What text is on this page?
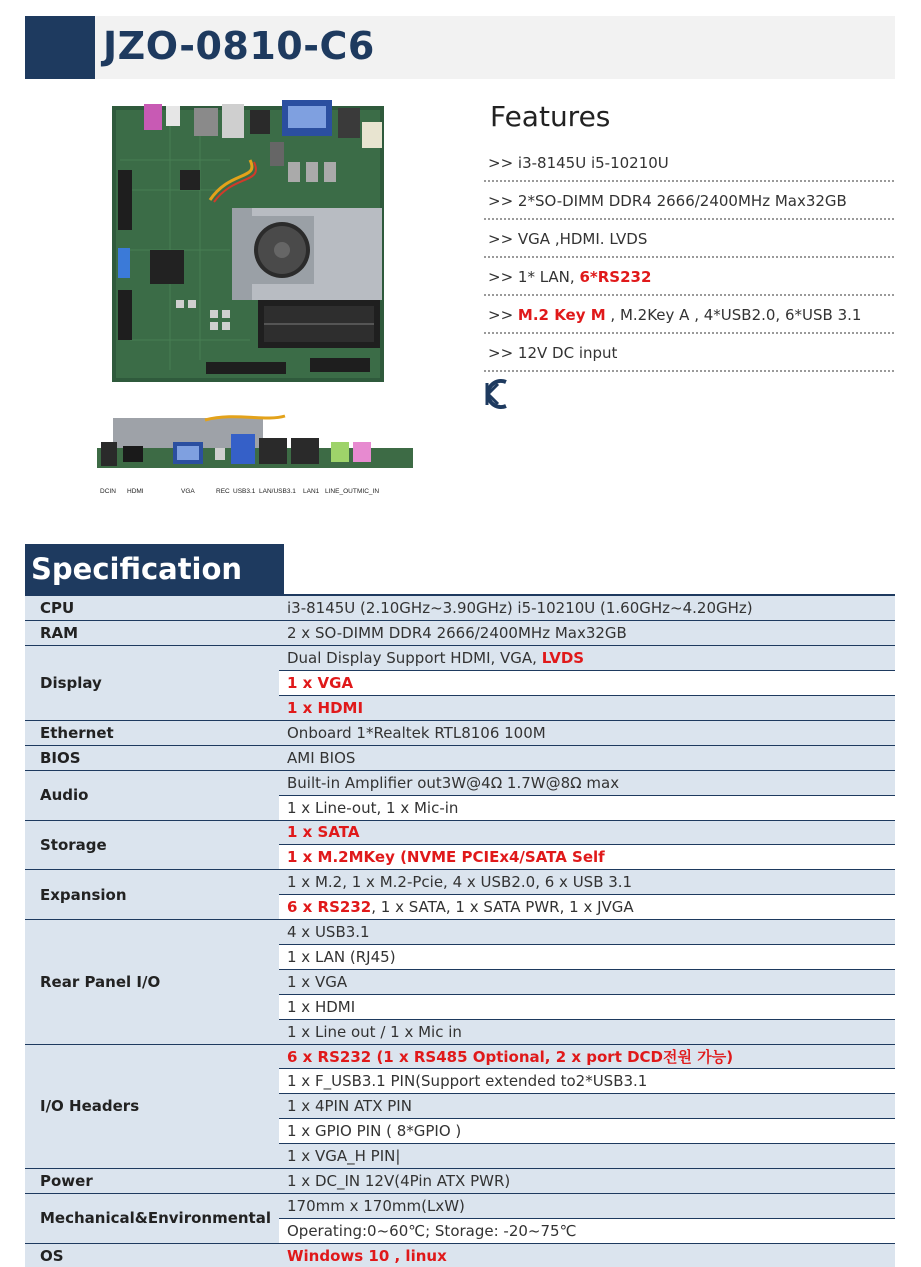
JZO-0810-C6
DCIN HDMI	VGA	REC USB3.1 LAN/USB3.1 LAN1 LINE_OUT MIC_IN
Features
>> i3-8145U i5-10210U
>> 2*SO-DIMM DDR4 2666/2400MHz Max32GB
>> VGA ,HDMI. LVDS
>> 1* LAN, 6*RS232
>> M.2 Key M , M.2Key A , 4*USB2.0, 6*USB 3.1
>> 12V DC input
Specification
CPU	i3-8145U (2.10GHz~3.90GHz) i5-10210U (1.60GHz~4.20GHz)
RAM	2 x SO-DIMM DDR4 2666/2400MHz Max32GB
Display	Dual Display Support HDMI, VGA, LVDS
	1 x VGA
	1 x HDMI
Ethernet	Onboard 1*Realtek RTL8106 100M
BIOS	AMI BIOS
Audio	Built-in Amplifier out3W@4Ω 1.7W@8Ω max
	1 x Line-out, 1 x Mic-in
Storage	1 x SATA
	1 x M.2MKey (NVME PCIEx4/SATA Self
Expansion	1 x M.2, 1 x M.2-Pcie, 4 x USB2.0, 6 x USB 3.1
	6 x RS232, 1 x SATA, 1 x SATA PWR, 1 x JVGA
Rear Panel I/O	4 x USB3.1
	1 x LAN (RJ45)
	1 x VGA
	1 x HDMI
	1 x Line out / 1 x Mic in
I/O Headers	6 x RS232 (1 x RS485 Optional, 2 x port DCD전원 가능)
	1 x F_USB3.1 PIN(Support extended to2*USB3.1
	1 x 4PIN ATX PIN
	1 x GPIO PIN ( 8*GPIO )
	1 x VGA_H PIN|
Power	1 x DC_IN 12V(4Pin ATX PWR)
Mechanical&Environmental	170mm x 170mm(LxW)
	Operating:0~60℃; Storage: -20~75℃
OS	Windows 10 , linux
